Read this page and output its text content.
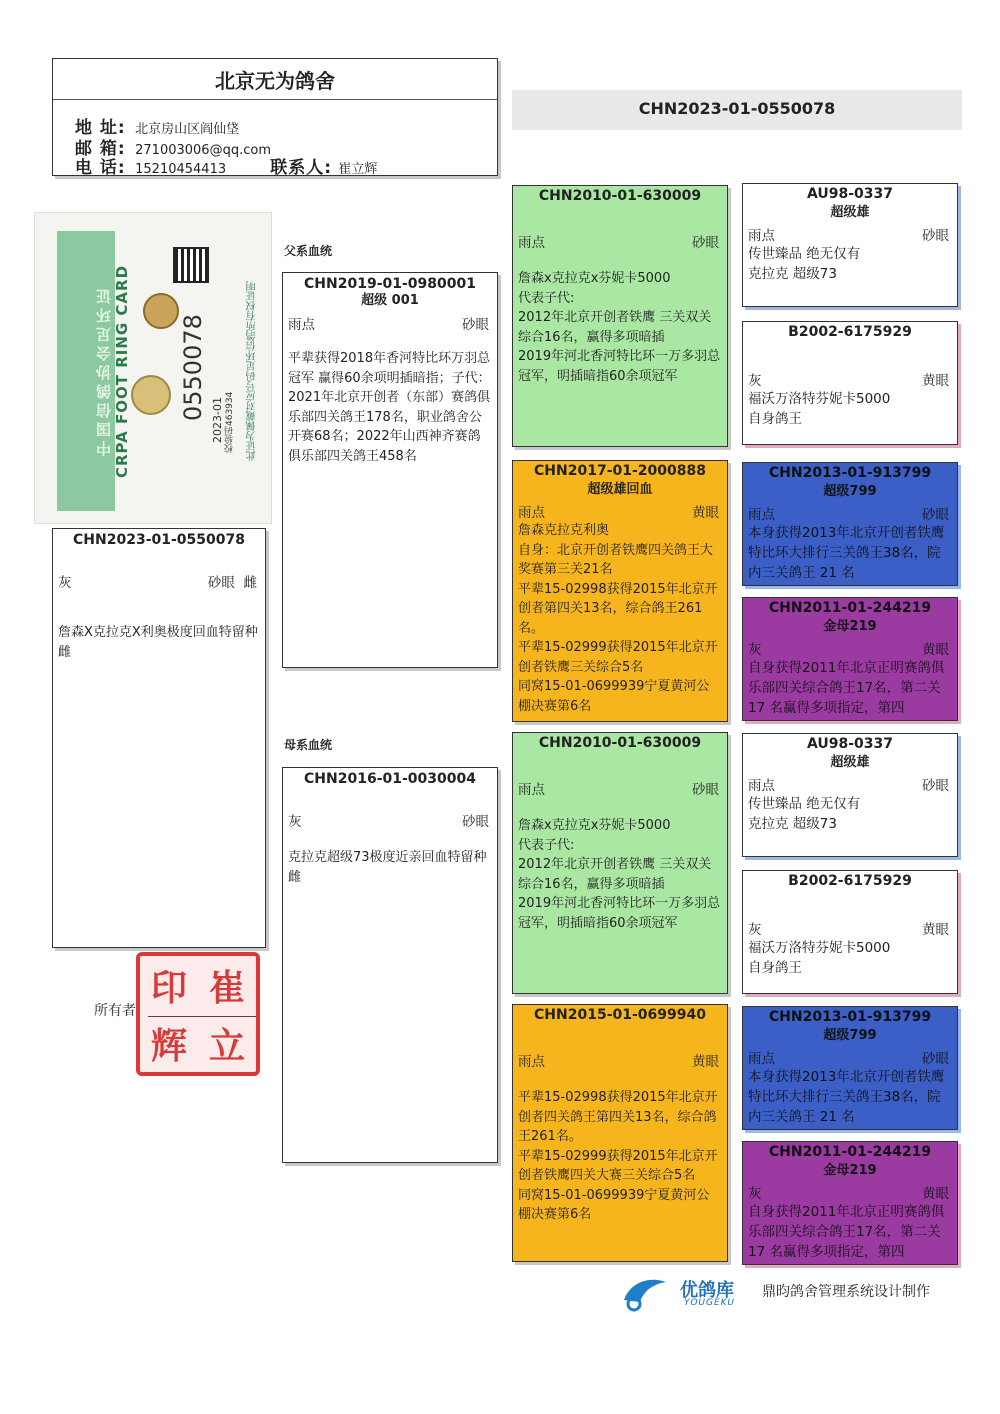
北京无为鸽舍
地 址: 北京房山区阎仙垡
邮 箱: 271003006@qq.com
电 话: 15210454413	联系人: 崔立辉
CHN2023-01-0550078
中国信鸽协会足环证 CRPA FOOT RING CARD 0550078 2023-01 校验码463934 此证为佩戴对应号码足环信鸽所有权证明
CHN2023-01-0550078
灰	砂眼 雌
詹森X克拉克X利奥极度回血特留种雌
父系血统
母系血统
CHN2019-01-0980001
超级 001
雨点	砂眼
平辈获得2018年香河特比环万羽总冠军 赢得60余项明插暗指；子代：2021年北京开创者（东部）赛鸽俱乐部四关鸽王178名，职业鸽舍公开赛68名；2022年山西神齐赛鸽俱乐部四关鸽王458名
CHN2016-01-0030004
灰	砂眼
克拉克超级73极度近亲回血特留种雌
CHN2010-01-630009
雨点	砂眼
詹森x克拉克x芬妮卡5000
代表子代:
2012年北京开创者铁鹰 三关双关综合16名，赢得多项暗插
2019年河北香河特比环一万多羽总冠军，明插暗指60余项冠军
CHN2017-01-2000888
超级雄回血
雨点	黄眼
詹森克拉克利奥
自身：北京开创者铁鹰四关鸽王大奖赛第三关21名
平辈15-02998获得2015年北京开创者第四关13名，综合鸽王261名。
平辈15-02999获得2015年北京开创者铁鹰三关综合5名
同窝15-01-0699939宁夏黄河公棚决赛第6名
CHN2010-01-630009
雨点	砂眼
詹森x克拉克x芬妮卡5000
代表子代:
2012年北京开创者铁鹰 三关双关综合16名，赢得多项暗插
2019年河北香河特比环一万多羽总冠军，明插暗指60余项冠军
CHN2015-01-0699940
雨点	黄眼
平辈15-02998获得2015年北京开创者四关鸽王第四关13名，综合鸽王261名。
平辈15-02999获得2015年北京开创者铁鹰四关大赛三关综合5名
同窝15-01-0699939宁夏黄河公棚决赛第6名
AU98-0337
超级雄
雨点	砂眼
传世臻品 绝无仅有
克拉克 超级73
B2002-6175929
灰	黄眼
福沃万洛特芬妮卡5000
自身鸽王
CHN2013-01-913799
超级799
雨点	砂眼
本身获得2013年北京开创者铁鹰特比环大排行三关鸽王38名，院内三关鸽王 21 名
CHN2011-01-244219
金母219
灰	黄眼
自身获得2011年北京正明赛鸽俱乐部四关综合鸽王17名，第二关 17 名赢得多项指定，第四
AU98-0337
超级雄
雨点	砂眼
传世臻品 绝无仅有
克拉克 超级73
B2002-6175929
灰	黄眼
福沃万洛特芬妮卡5000
自身鸽王
CHN2013-01-913799
超级799
雨点	砂眼
本身获得2013年北京开创者铁鹰特比环大排行三关鸽王38名，院内三关鸽王 21 名
CHN2011-01-244219
金母219
灰	黄眼
自身获得2011年北京正明赛鸽俱乐部四关综合鸽王17名，第二关 17 名赢得多项指定，第四
所有者:
印 崔
辉 立
优鸽库
YOUGEKU
鼎昀鸽舍管理系统设计制作
